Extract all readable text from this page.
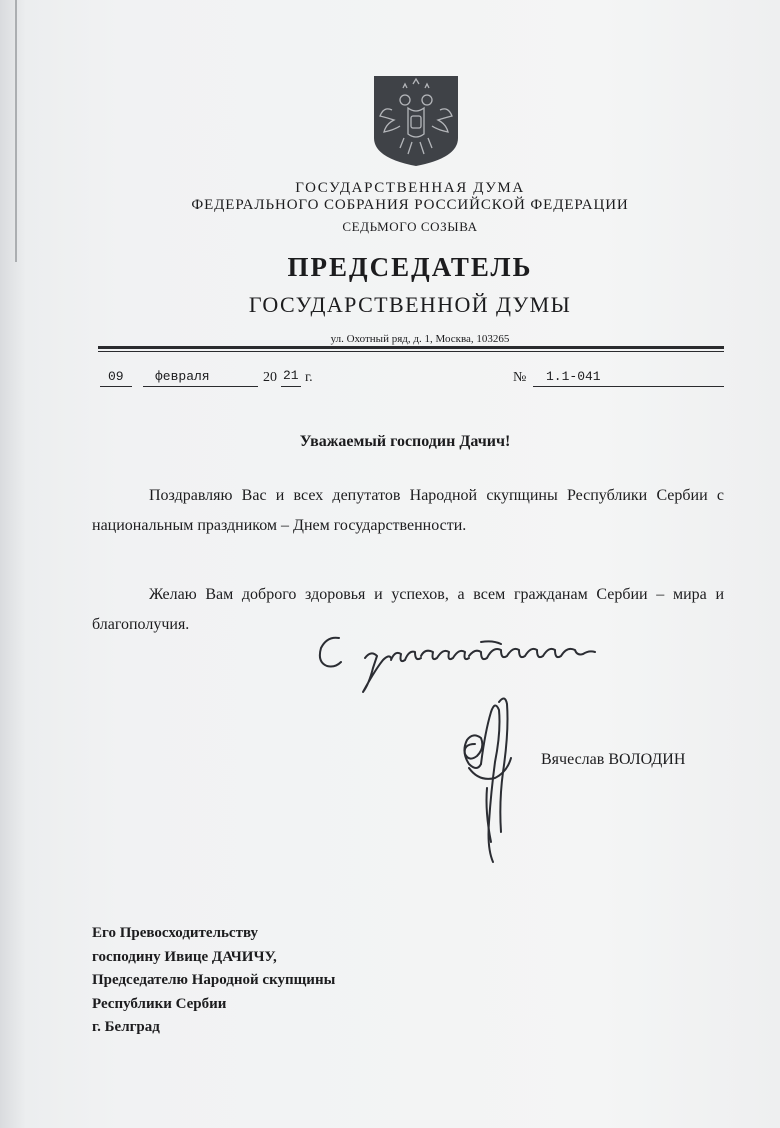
ГОСУДАРСТВЕННАЯ ДУМА
ФЕДЕРАЛЬНОГО СОБРАНИЯ РОССИЙСКОЙ ФЕДЕРАЦИИ
СЕДЬМОГО СОЗЫВА
ПРЕДСЕДАТЕЛЬ
ГОСУДАРСТВЕННОЙ ДУМЫ
ул. Охотный ряд, д. 1, Москва, 103265
09 февраля	20 21 г.	№ 1.1-041
Уважаемый господин Дачич!
Поздравляю Вас и всех депутатов Народной скупщины Республики Сербии с национальным праздником – Днем государственности.
Желаю Вам доброго здоровья и успехов, а всем гражданам Сербии – мира и благополучия.
Вячеслав ВОЛОДИН
Его Превосходительству
господину Ивице ДАЧИЧУ,
Председателю Народной скупщины
Республики Сербии
г. Белград
